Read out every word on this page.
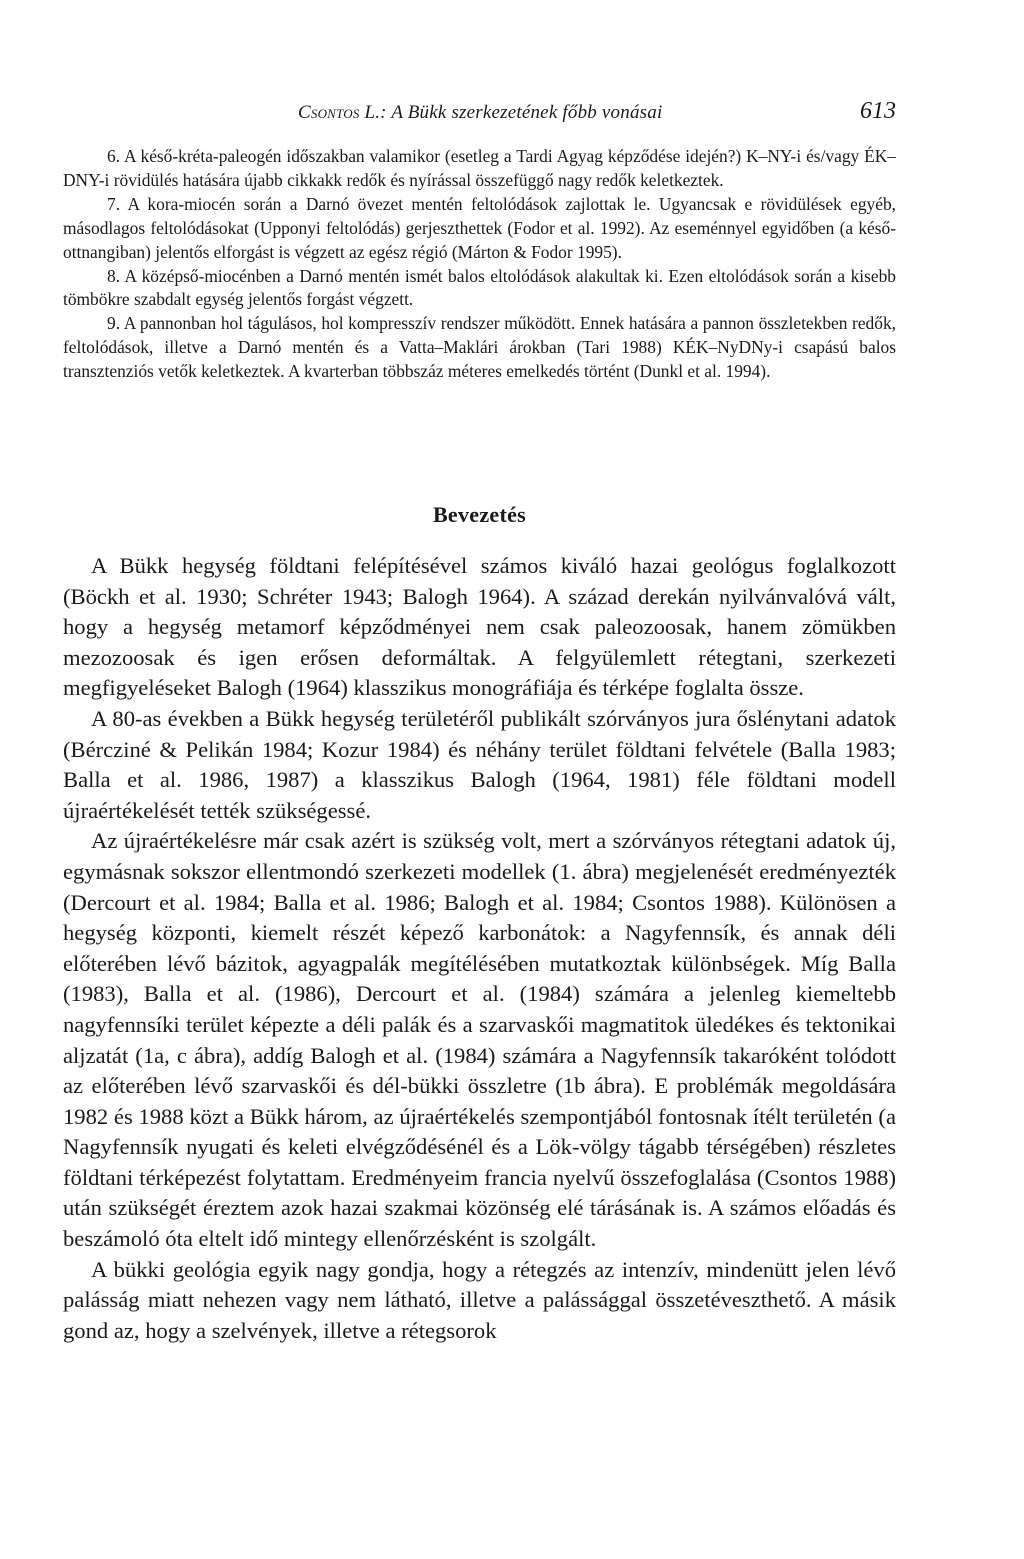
Csontos L.: A Bükk szerkezetének főbb vonásai	613

6. A késő-kréta-paleogén időszakban valamikor (esetleg a Tardi Agyag képződése idején?) K–NY-i és/vagy ÉK–DNY-i rövidülés hatására újabb cikkakk redők és nyírással összefüggő nagy redők keletkeztek.

7. A kora-miocén során a Darnó övezet mentén feltolódások zajlottak le. Ugyancsak e rövidülések egyéb, másodlagos feltolódásokat (Upponyi feltolódás) gerjeszthettek (Fodor et al. 1992). Az eseménnyel egyidőben (a késő-ottnangiban) jelentős elforgást is végzett az egész régió (Márton & Fodor 1995).

8. A középső-miocénben a Darnó mentén ismét balos eltolódások alakultak ki. Ezen eltolódások során a kisebb tömbökre szabdalt egység jelentős forgást végzett.

9. A pannonban hol tágulásos, hol kompresszív rendszer működött. Ennek hatására a pannon összletekben redők, feltolódások, illetve a Darnó mentén és a Vatta–Maklári árokban (Tari 1988) KÉK–NyDNy-i csapású balos transztenziós vetők keletkeztek. A kvarterban többszáz méteres emelkedés történt (Dunkl et al. 1994).

Bevezetés

A Bükk hegység földtani felépítésével számos kiváló hazai geológus foglalkozott (Böckh et al. 1930; Schréter 1943; Balogh 1964). A század derekán nyilvánvalóvá vált, hogy a hegység metamorf képződményei nem csak paleozoosak, hanem zömükben mezozoosak és igen erősen deformáltak. A felgyülemlett rétegtani, szerkezeti megfigyeléseket Balogh (1964) klasszikus monográfiája és térképe foglalta össze.

A 80-as években a Bükk hegység területéről publikált szórványos jura őslénytani adatok (Bércziné & Pelikán 1984; Kozur 1984) és néhány terület földtani felvétele (Balla 1983; Balla et al. 1986, 1987) a klasszikus Balogh (1964, 1981) féle földtani modell újraértékelését tették szükségessé.

Az újraértékelésre már csak azért is szükség volt, mert a szórványos rétegtani adatok új, egymásnak sokszor ellentmondó szerkezeti modellek (1. ábra) megjelenését eredményezték (Dercourt et al. 1984; Balla et al. 1986; Balogh et al. 1984; Csontos 1988). Különösen a hegység központi, kiemelt részét képező karbonátok: a Nagyfennsík, és annak déli előterében lévő bázitok, agyagpalák megítélésében mutatkoztak különbségek. Míg Balla (1983), Balla et al. (1986), Dercourt et al. (1984) számára a jelenleg kiemeltebb nagyfennsíki terület képezte a déli palák és a szarvaskői magmatitok üledékes és tektonikai aljzatát (1a, c ábra), addíg Balogh et al. (1984) számára a Nagyfennsík takaróként tolódott az előterében lévő szarvaskői és dél-bükki összletre (1b ábra). E problémák megoldására 1982 és 1988 közt a Bükk három, az újraértékelés szempontjából fontosnak ítélt területén (a Nagyfennsík nyugati és keleti elvégződésénél és a Lök-völgy tágabb térségében) részletes földtani térképezést folytattam. Eredményeim francia nyelvű összefoglalása (Csontos 1988) után szükségét éreztem azok hazai szakmai közönség elé tárásának is. A számos előadás és beszámoló óta eltelt idő mintegy ellenőrzésként is szolgált.

A bükki geológia egyik nagy gondja, hogy a rétegzés az intenzív, mindenütt jelen lévő palásság miatt nehezen vagy nem látható, illetve a palássággal összetéveszthető. A másik gond az, hogy a szelvények, illetve a rétegsorok
